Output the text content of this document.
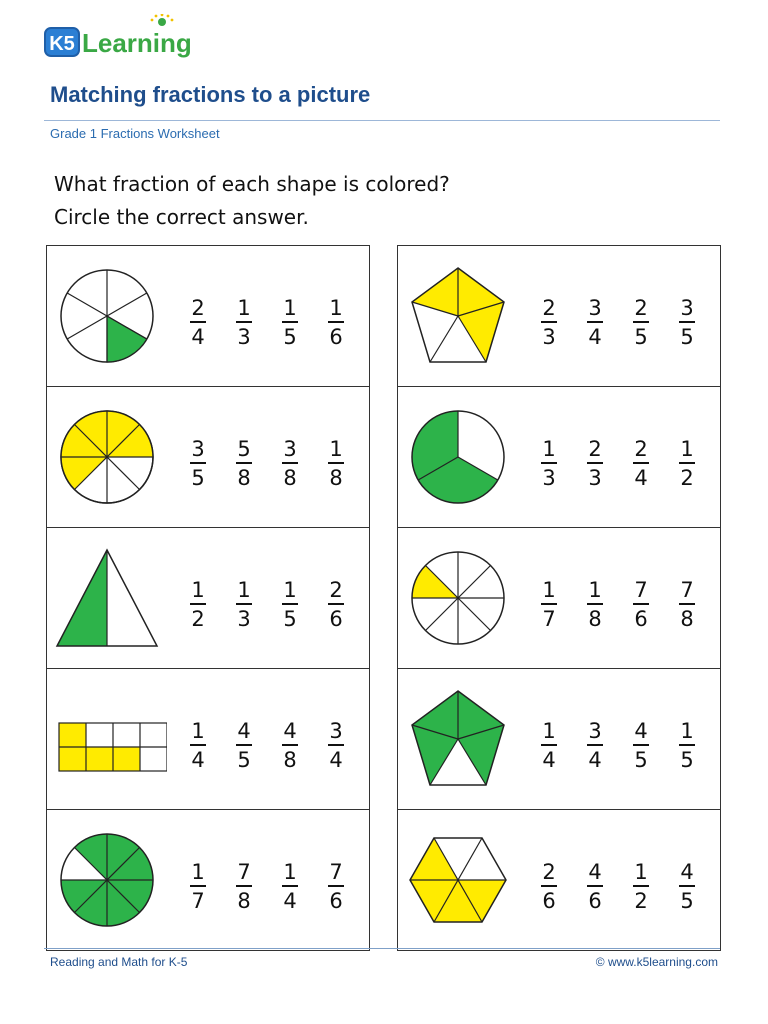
K5 Learning
Matching fractions to a picture
Grade 1 Fractions Worksheet
What fraction of each shape is colored?
Circle the correct answer.
$\frac{2}{4} \frac{1}{3} \frac{1}{5} \frac{1}{6}$
$\frac{3}{5} \frac{5}{8} \frac{3}{8} \frac{1}{8}$
$\frac{1}{2} \frac{1}{3} \frac{1}{5} \frac{2}{6}$
$\frac{1}{4} \frac{4}{5} \frac{4}{8} \frac{3}{4}$
$\frac{1}{7} \frac{7}{8} \frac{1}{4} \frac{7}{6}$
$\frac{2}{3} \frac{3}{4} \frac{2}{5} \frac{3}{5}$
$\frac{1}{3} \frac{2}{3} \frac{2}{4} \frac{1}{2}$
$\frac{1}{7} \frac{1}{8} \frac{7}{6} \frac{7}{8}$
$\frac{1}{4} \frac{3}{4} \frac{4}{5} \frac{1}{5}$
$\frac{2}{6} \frac{4}{6} \frac{1}{2} \frac{4}{5}$
Reading and Math for K-5	© www.k5learning.com
